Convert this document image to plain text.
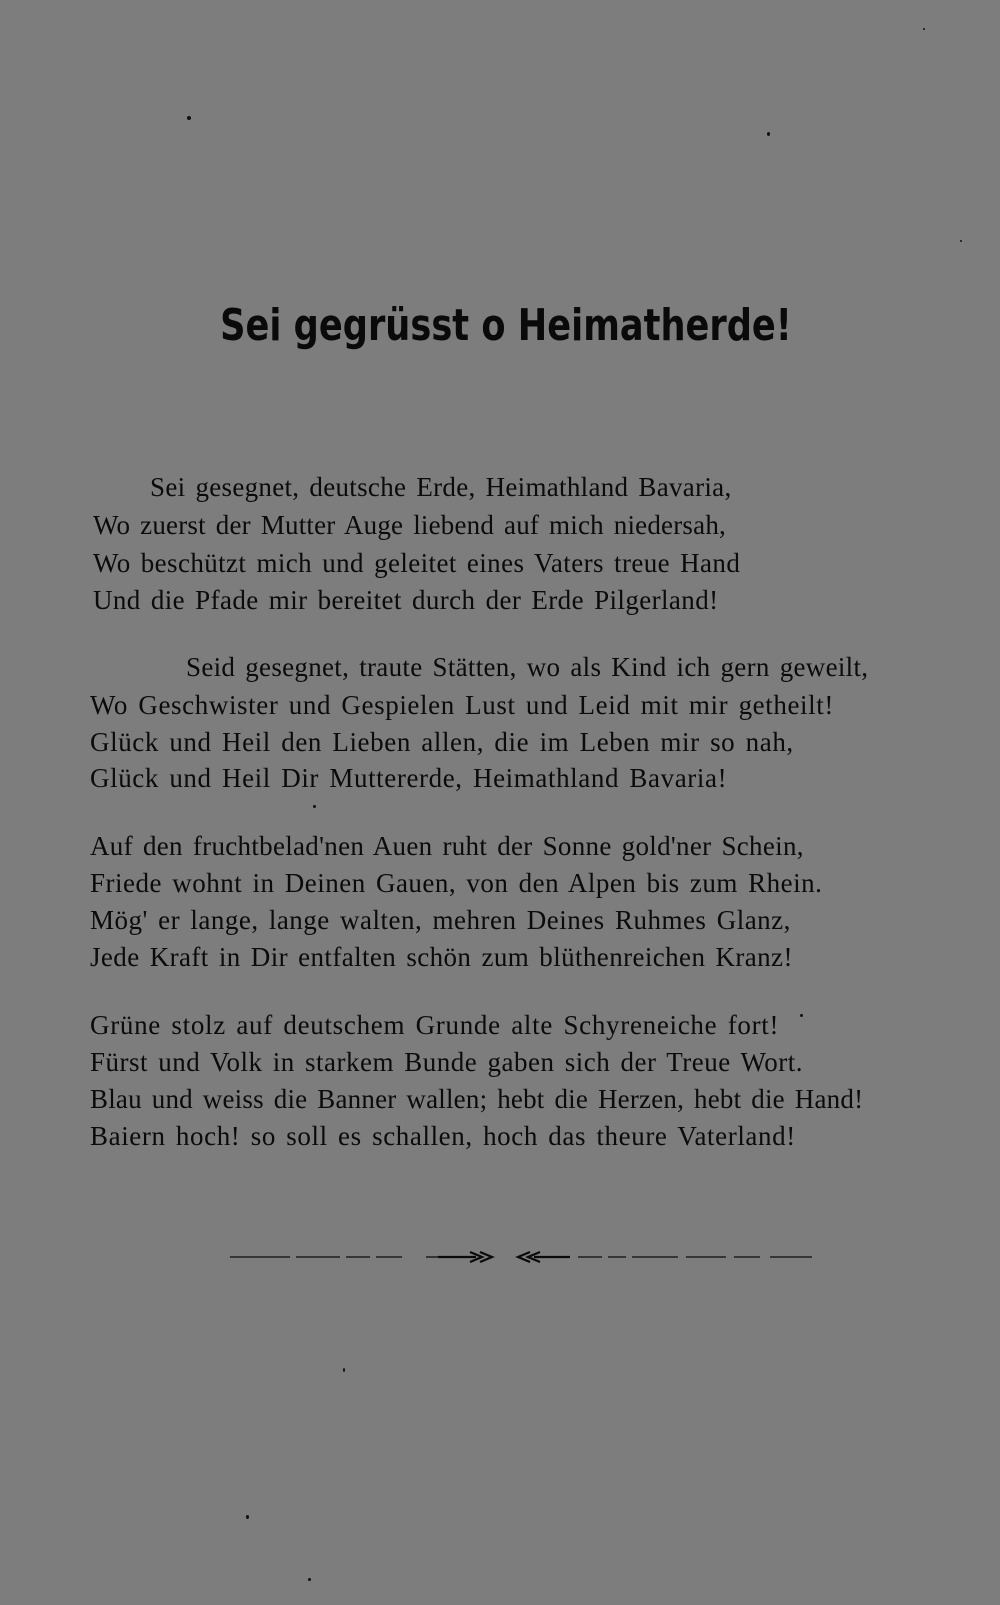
Sei gegrüsst o Heimatherde!
Sei gesegnet, deutsche Erde, Heimathland Bavaria,
Wo zuerst der Mutter Auge liebend auf mich niedersah,
Wo beschützt mich und geleitet eines Vaters treue Hand
Und die Pfade mir bereitet durch der Erde Pilgerland!
Seid gesegnet, traute Stätten, wo als Kind ich gern geweilt,
Wo Geschwister und Gespielen Lust und Leid mit mir getheilt!
Glück und Heil den Lieben allen, die im Leben mir so nah,
Glück und Heil Dir Muttererde, Heimathland Bavaria!
Auf den fruchtbelad'nen Auen ruht der Sonne gold'ner Schein,
Friede wohnt in Deinen Gauen, von den Alpen bis zum Rhein.
Mög' er lange, lange walten, mehren Deines Ruhmes Glanz,
Jede Kraft in Dir entfalten schön zum blüthenreichen Kranz!
Grüne stolz auf deutschem Grunde alte Schyreneiche fort!
Fürst und Volk in starkem Bunde gaben sich der Treue Wort.
Blau und weiss die Banner wallen; hebt die Herzen, hebt die Hand!
Baiern hoch! so soll es schallen, hoch das theure Vaterland!
